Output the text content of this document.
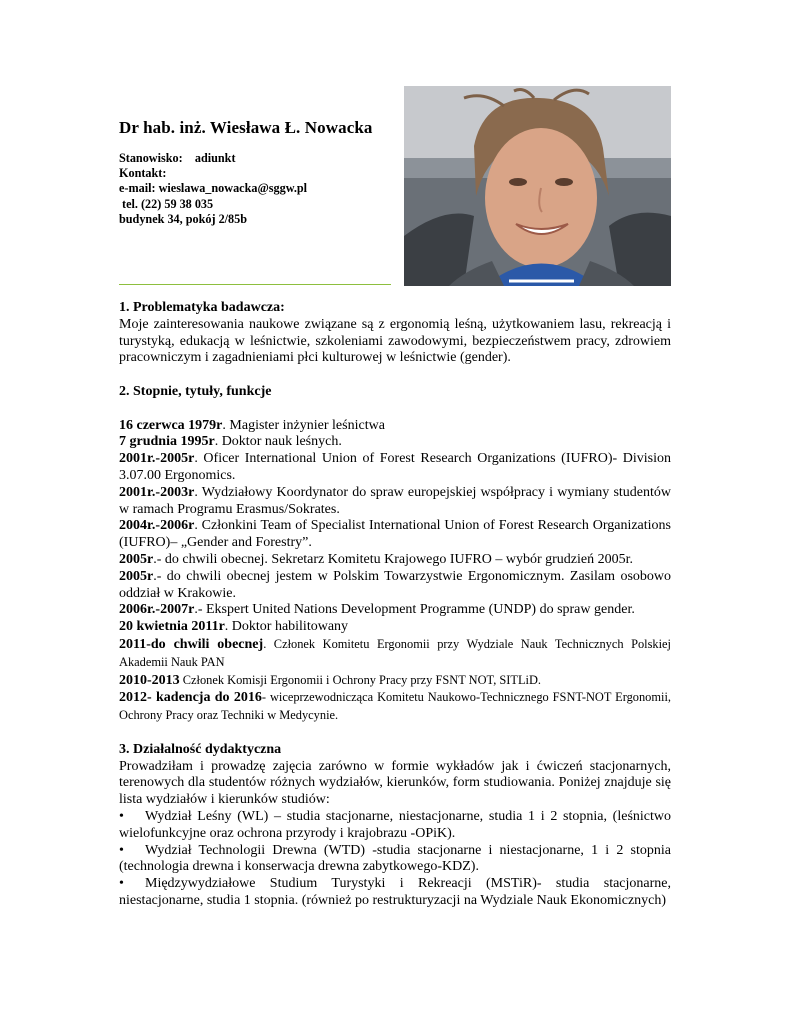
Dr hab. inż. Wiesława Ł. Nowacka
Stanowisko: adiunkt
Kontakt:
e-mail: wieslawa_nowacka@sggw.pl
tel. (22) 59 38 035
budynek 34, pokój 2/85b

1. Problematyka badawcza:

Moje zainteresowania naukowe związane są z ergonomią leśną, użytkowaniem lasu, rekreacją i turystyką, edukacją w leśnictwie, szkoleniami zawodowymi, bezpieczeństwem pracy, zdrowiem pracowniczym i zagadnieniami płci kulturowej w leśnictwie (gender).

2. Stopnie, tytuły, funkcje

16 czerwca 1979r. Magister inżynier leśnictwa

7 grudnia 1995r. Doktor nauk leśnych.

2001r.-2005r. Oficer International Union of Forest Research Organizations (IUFRO)- Division 3.07.00 Ergonomics.

2001r.-2003r. Wydziałowy Koordynator do spraw europejskiej współpracy i wymiany studentów w ramach Programu Erasmus/Sokrates.

2004r.-2006r. Członkini Team of Specialist International Union of Forest Research Organizations (IUFRO)– „Gender and Forestry”.

2005r.- do chwili obecnej. Sekretarz Komitetu Krajowego IUFRO – wybór grudzień 2005r.

2005r.- do chwili obecnej jestem w Polskim Towarzystwie Ergonomicznym. Zasilam osobowo oddział w Krakowie.

2006r.-2007r.- Ekspert United Nations Development Programme (UNDP) do spraw gender.

20 kwietnia 2011r. Doktor habilitowany

2011-do chwili obecnej. Członek Komitetu Ergonomii przy Wydziale Nauk Technicznych Polskiej Akademii Nauk PAN

2010-2013 Członek Komisji Ergonomii i Ochrony Pracy przy FSNT NOT, SITLiD.

2012- kadencja do 2016- wiceprzewodnicząca Komitetu Naukowo-Technicznego FSNT-NOT Ergonomii, Ochrony Pracy oraz Techniki w Medycynie.

3. Działalność dydaktyczna

Prowadziłam i prowadzę zajęcia zarówno w formie wykładów jak i ćwiczeń stacjonarnych, terenowych dla studentów różnych wydziałów, kierunków, form studiowania. Poniżej znajduje się lista wydziałów i kierunków studiów:

• Wydział Leśny (WL) – studia stacjonarne, niestacjonarne, studia 1 i 2 stopnia, (leśnictwo wielofunkcyjne oraz ochrona przyrody i krajobrazu -OPiK).

• Wydział Technologii Drewna (WTD) -studia stacjonarne i niestacjonarne, 1 i 2 stopnia (technologia drewna i konserwacja drewna zabytkowego-KDZ).

• Międzywydziałowe Studium Turystyki i Rekreacji (MSTiR)- studia stacjonarne, niestacjonarne, studia 1 stopnia. (również po restrukturyzacji na Wydziale Nauk Ekonomicznych)
